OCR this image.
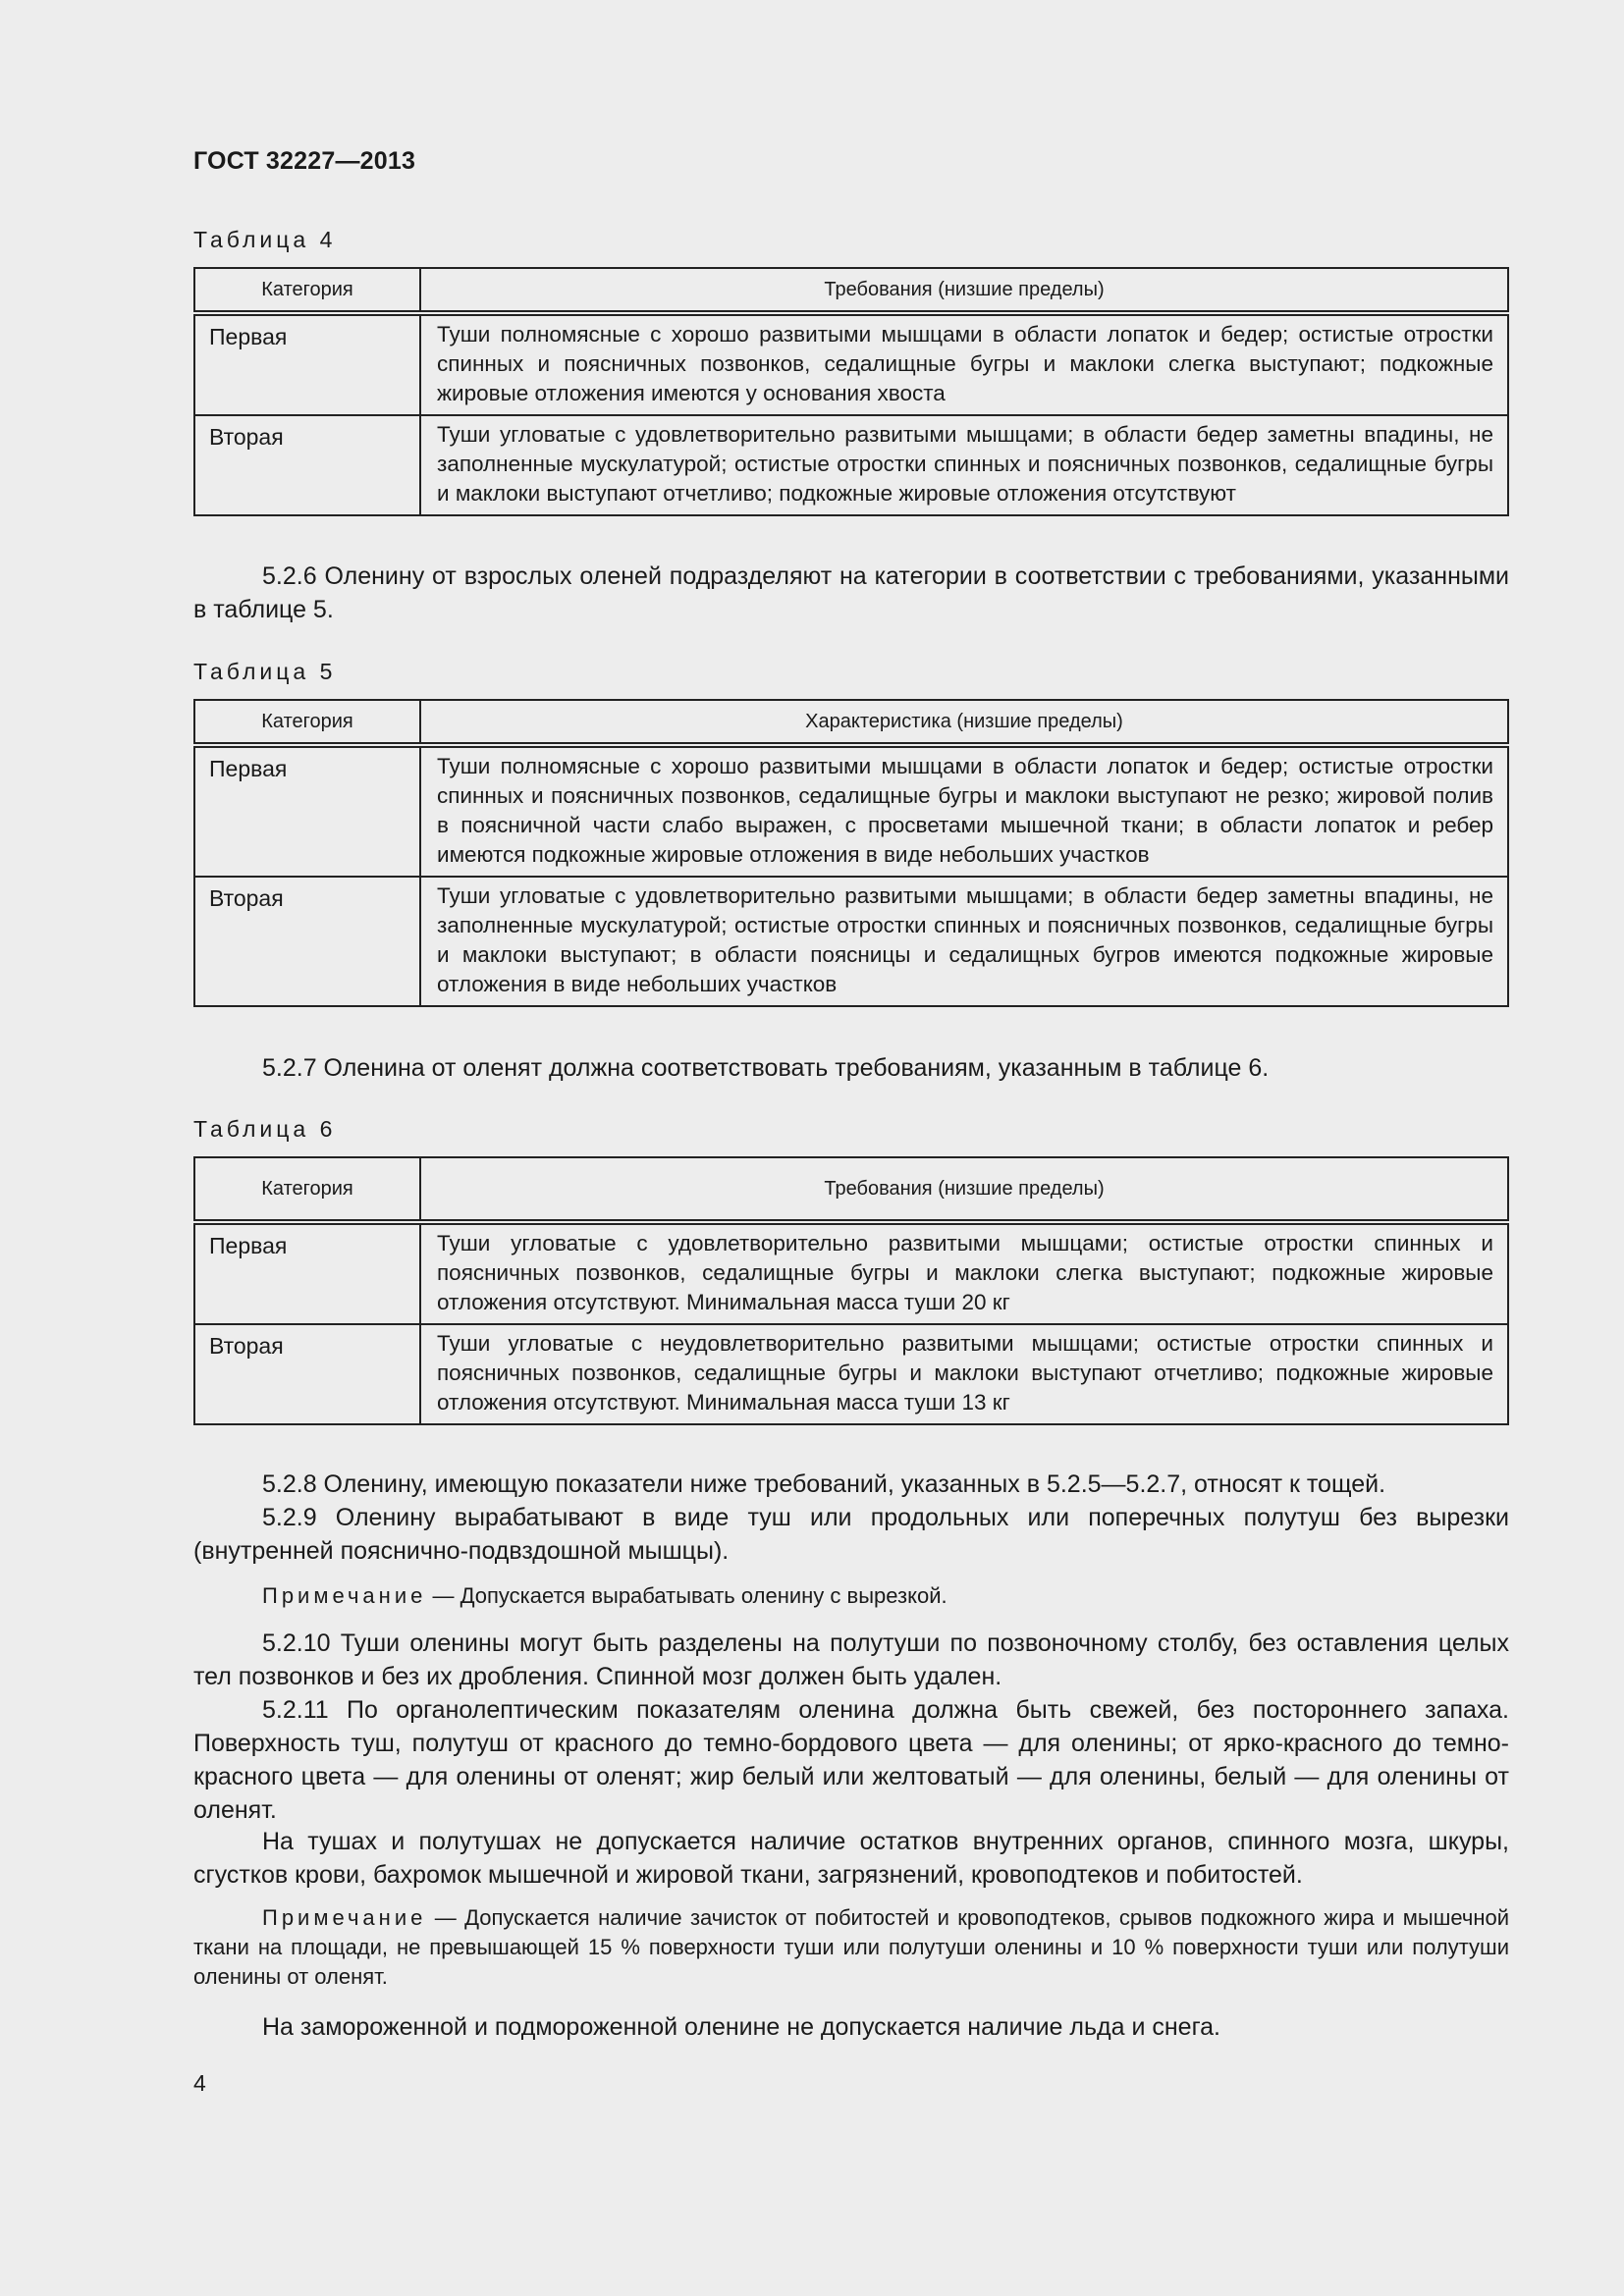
ГОСТ 32227—2013
Таблица 4
Категория	Требования (низшие пределы)
Первая	Туши полномясные с хорошо развитыми мышцами в области лопаток и бедер; остистые отростки спинных и поясничных позвонков, седалищные бугры и маклоки слегка выступают; подкожные жировые отложения имеются у основания хвоста
Вторая	Туши угловатые с удовлетворительно развитыми мышцами; в области бедер заметны впадины, не заполненные мускулатурой; остистые отростки спинных и поясничных позвонков, седалищные бугры и маклоки выступают отчетливо; подкожные жировые отложения отсутствуют
5.2.6 Оленину от взрослых оленей подразделяют на категории в соответствии с требованиями, указанными в таблице 5.
Таблица 5
Категория	Характеристика (низшие пределы)
Первая	Туши полномясные с хорошо развитыми мышцами в области лопаток и бедер; остистые отростки спинных и поясничных позвонков, седалищные бугры и маклоки выступают не резко; жировой полив в поясничной части слабо выражен, с просветами мышечной ткани; в области лопаток и ребер имеются подкожные жировые отложения в виде небольших участков
Вторая	Туши угловатые с удовлетворительно развитыми мышцами; в области бедер заметны впадины, не заполненные мускулатурой; остистые отростки спинных и поясничных позвонков, седалищные бугры и маклоки выступают; в области поясницы и седалищных бугров имеются подкожные жировые отложения в виде небольших участков
5.2.7 Оленина от оленят должна соответствовать требованиям, указанным в таблице 6.
Таблица 6
Категория	Требования (низшие пределы)
Первая	Туши угловатые с удовлетворительно развитыми мышцами; остистые отростки спинных и поясничных позвонков, седалищные бугры и маклоки слегка выступают; подкожные жировые отложения отсутствуют. Минимальная масса туши 20 кг
Вторая	Туши угловатые с неудовлетворительно развитыми мышцами; остистые отростки спинных и поясничных позвонков, седалищные бугры и маклоки выступают отчетливо; подкожные жировые отложения отсутствуют. Минимальная масса туши 13 кг
5.2.8 Оленину, имеющую показатели ниже требований, указанных в 5.2.5—5.2.7, относят к тощей.
5.2.9 Оленину вырабатывают в виде туш или продольных или поперечных полутуш без вырезки (внутренней пояснично-подвздошной мышцы).
Примечание — Допускается вырабатывать оленину с вырезкой.
5.2.10 Туши оленины могут быть разделены на полутуши по позвоночному столбу, без оставления целых тел позвонков и без их дробления. Спинной мозг должен быть удален.
5.2.11 По органолептическим показателям оленина должна быть свежей, без постороннего запаха. Поверхность туш, полутуш от красного до темно-бордового цвета — для оленины; от ярко-красного до темно-красного цвета — для оленины от оленят; жир белый или желтоватый — для оленины, белый — для оленины от оленят.
На тушах и полутушах не допускается наличие остатков внутренних органов, спинного мозга, шкуры, сгустков крови, бахромок мышечной и жировой ткани, загрязнений, кровоподтеков и побитостей.
Примечание — Допускается наличие зачисток от побитостей и кровоподтеков, срывов подкожного жира и мышечной ткани на площади, не превышающей 15 % поверхности туши или полутуши оленины и 10 % поверхности туши или полутуши оленины от оленят.
На замороженной и подмороженной оленине не допускается наличие льда и снега.
4
